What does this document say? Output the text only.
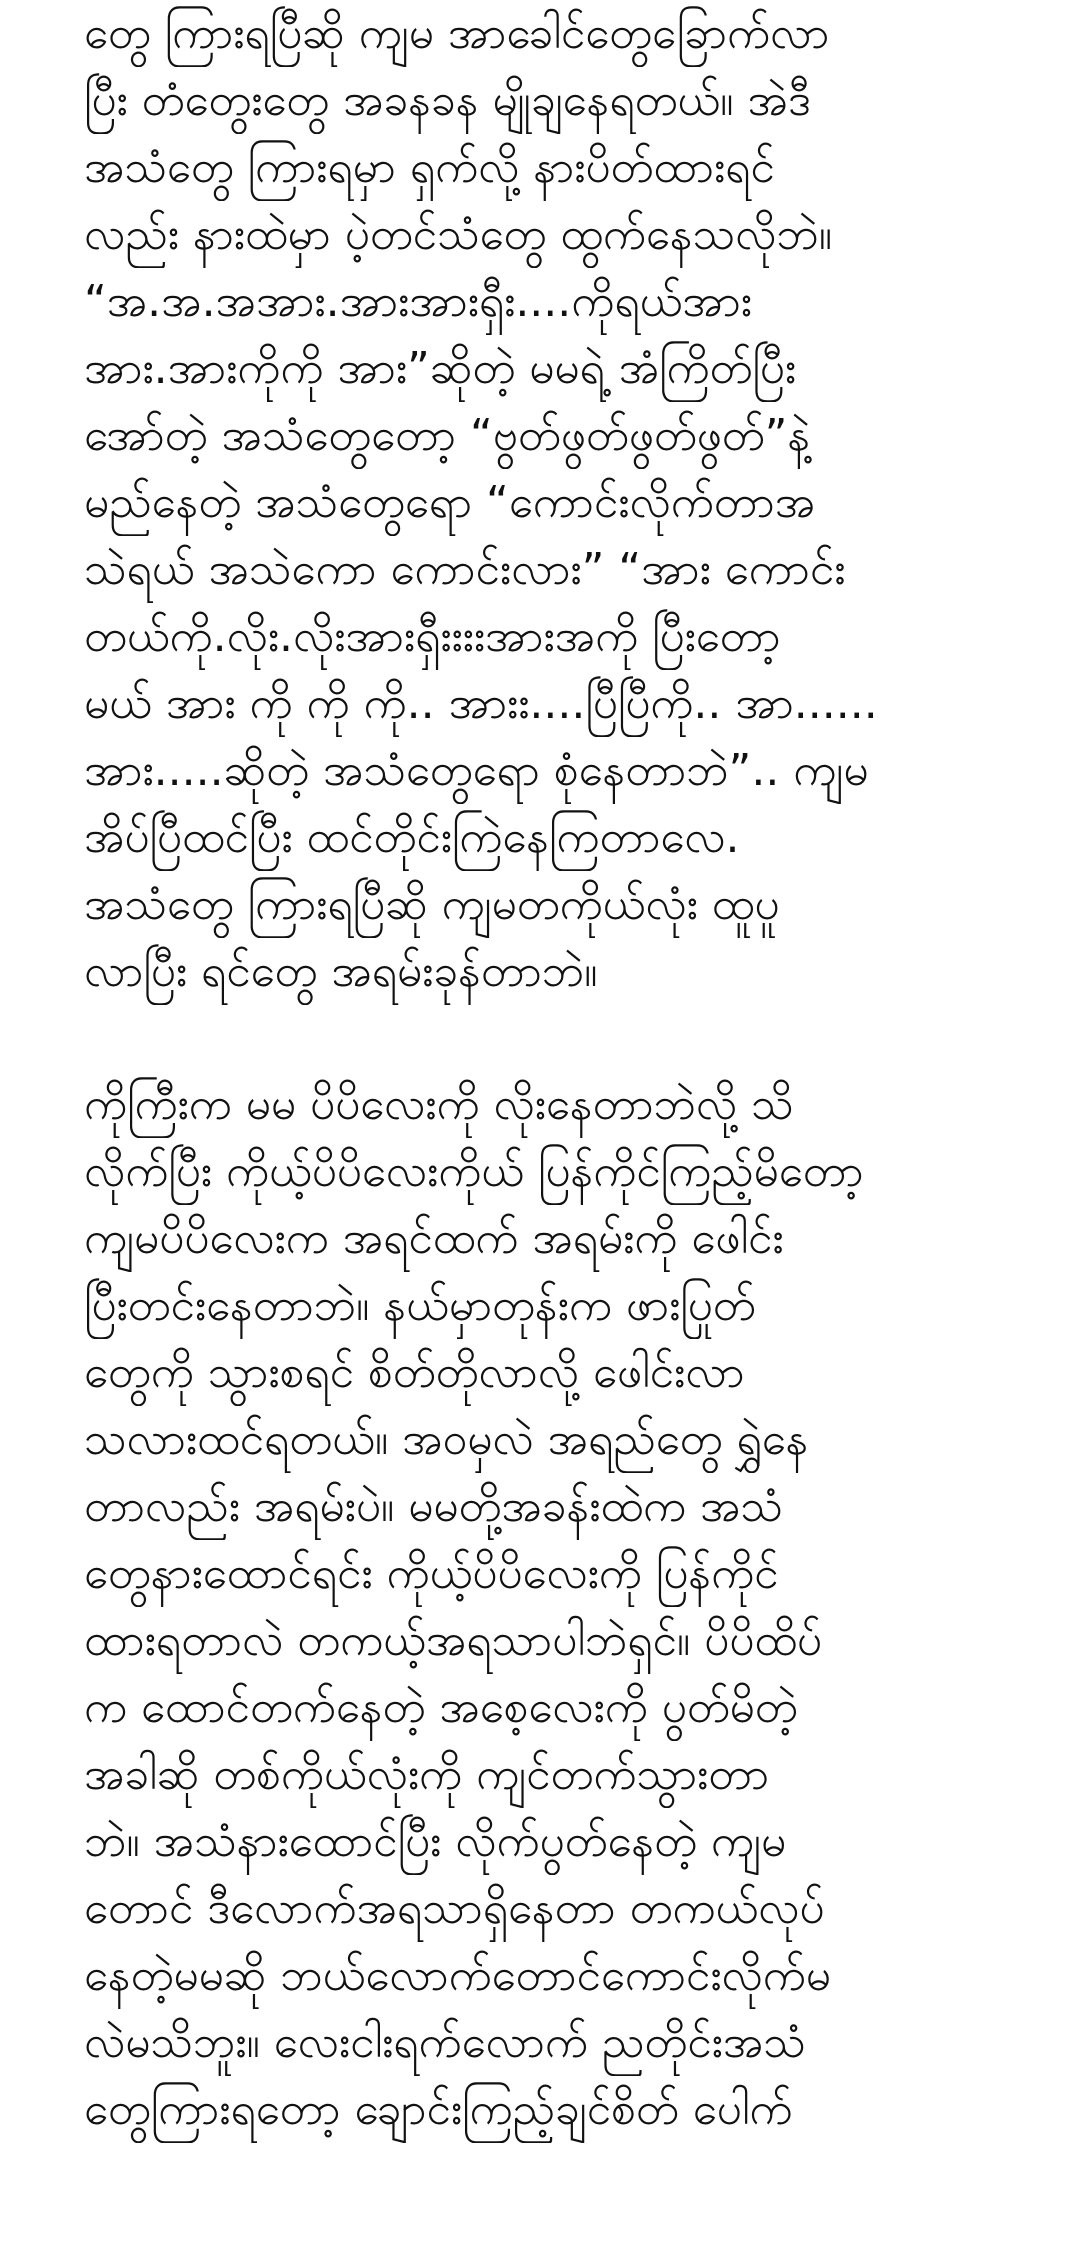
တွေ ကြားရပြီဆို ကျမ အာခေါင်တွေခြောက်လာ
ပြီး တံတွေးတွေ အခနခန မျိုချနေရတယ်။ အဲဒီ
အသံတွေ ကြားရမှာ ရှက်လို့ နားပိတ်ထားရင်
လည်း နားထဲမှာ ပဲ့တင်သံတွေ ထွက်နေသလိုဘဲ။
“အ.အ.အအား.အားအားရှီး....ကိုရယ်အား
အား.အားကိုကို အား”ဆိုတဲ့ မမရဲ့ အံကြိတ်ပြီး
အော်တဲ့ အသံတွေတော့ “ဗွတ်ဖွတ်ဖွတ်ဖွတ်”နဲ့
မည်နေတဲ့ အသံတွေရော “ကောင်းလိုက်တာအ
သဲရယ် အသဲကော ကောင်းလား” “အား ကောင်း
တယ်ကို.လိုး.လိုးအားရှီးးးးအားအကို ပြီးတော့
မယ် အား ကို ကို ကို.. အားး....ပြီပြီကို.. အာ......
အား.....ဆိုတဲ့ အသံတွေရော စုံနေတာဘဲ”.. ကျမ
အိပ်ပြီထင်ပြီး ထင်တိုင်းကြဲနေကြတာလေ.
အသံတွေ ကြားရပြီဆို ကျမတကိုယ်လုံး ထူပူ
လာပြီး ရင်တွေ အရမ်းခုန်တာဘဲ။
ကိုကြီးက မမ ပိပိလေးကို လိုးနေတာဘဲလို့ သိ
လိုက်ပြီး ကိုယ့်ပိပိလေးကိုယ် ပြန်ကိုင်ကြည့်မိတော့
ကျမပိပိလေးက အရင်ထက် အရမ်းကို ဖေါင်း
ပြီးတင်းနေတာဘဲ။ နယ်မှာတုန်းက ဖားပြုတ်
တွေကို သွားစရင် စိတ်တိုလာလို့ ဖေါင်းလာ
သလားထင်ရတယ်။ အဝမှလဲ အရည်တွေ ရွှဲနေ
တာလည်း အရမ်းပဲ။ မမတို့အခန်းထဲက အသံ
တွေနားထောင်ရင်း ကိုယ့်ပိပိလေးကို ပြန်ကိုင်
ထားရတာလဲ တကယ့်အရသာပါဘဲရှင်။ ပိပိထိပ်
က ထောင်တက်နေတဲ့ အစေ့လေးကို ပွတ်မိတဲ့
အခါဆို တစ်ကိုယ်လုံးကို ကျင်တက်သွားတာ
ဘဲ။ အသံနားထောင်ပြီး လိုက်ပွတ်နေတဲ့ ကျမ
တောင် ဒီလောက်အရသာရှိနေတာ တကယ်လုပ်
နေတဲ့မမဆို ဘယ်လောက်တောင်ကောင်းလိုက်မ
လဲမသိဘူး။ လေးငါးရက်လောက် ညတိုင်းအသံ
တွေကြားရတော့ ချောင်းကြည့်ချင်စိတ် ပေါက်
